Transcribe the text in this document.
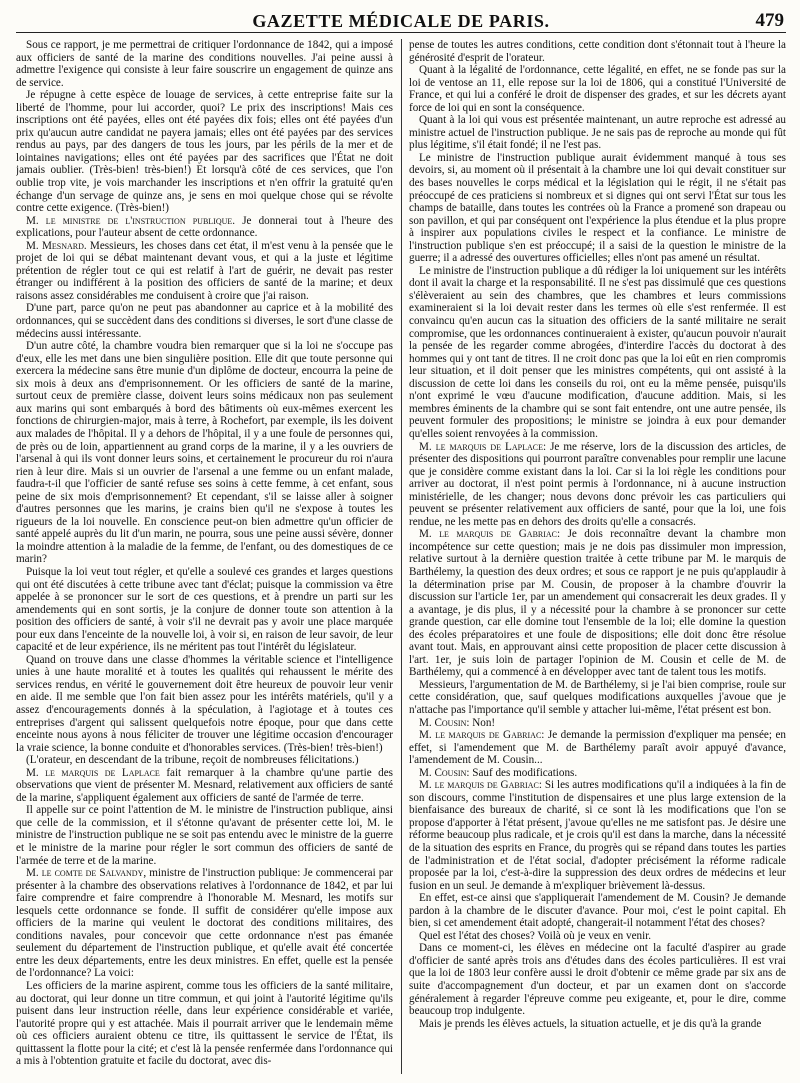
GAZETTE MÉDICALE DE PARIS.	479

Sous ce rapport, je me permettrai de critiquer l'ordonnance de 1842, qui a imposé aux officiers de santé de la marine des conditions nouvelles. J'ai peine aussi à admettre l'exigence qui consiste à leur faire souscrire un engagement de quinze ans de service.

Je répugne à cette espèce de louage de services, à cette entreprise faite sur la liberté de l'homme, pour lui accorder, quoi? Le prix des inscriptions! Mais ces inscriptions ont été payées, elles ont été payées dix fois; elles ont été payées d'un prix qu'aucun autre candidat ne payera jamais; elles ont été payées par des services rendus au pays, par des dangers de tous les jours, par les périls de la mer et de lointaines navigations; elles ont été payées par des sacrifices que l'État ne doit jamais oublier. (Très-bien! très-bien!) Et lorsqu'à côté de ces services, que l'on oublie trop vite, je vois marchander les inscriptions et n'en offrir la gratuité qu'en échange d'un servage de quinze ans, je sens en moi quelque chose qui se révolte contre cette exigence. (Très-bien!)

M. le ministre de l'instruction publique. Je donnerai tout à l'heure des explications, pour l'auteur absent de cette ordonnance.

M. Mesnard. Messieurs, les choses dans cet état, il m'est venu à la pensée que le projet de loi qui se débat maintenant devant vous, et qui a la juste et légitime prétention de régler tout ce qui est relatif à l'art de guérir, ne devait pas rester étranger ou indifférent à la position des officiers de santé de la marine; et deux raisons assez considérables me conduisent à croire que j'ai raison.

D'une part, parce qu'on ne peut pas abandonner au caprice et à la mobilité des ordonnances, qui se succèdent dans des conditions si diverses, le sort d'une classe de médecins aussi intéressante.

D'un autre côté, la chambre voudra bien remarquer que si la loi ne s'occupe pas d'eux, elle les met dans une bien singulière position. Elle dit que toute personne qui exercera la médecine sans être munie d'un diplôme de docteur, encourra la peine de six mois à deux ans d'emprisonnement. Or les officiers de santé de la marine, surtout ceux de première classe, doivent leurs soins médicaux non pas seulement aux marins qui sont embarqués à bord des bâtiments où eux-mêmes exercent les fonctions de chirurgien-major, mais à terre, à Rochefort, par exemple, ils les doivent aux malades de l'hôpital. Il y a dehors de l'hôpital, il y a une foule de personnes qui, de près ou de loin, appartiennent au grand corps de la marine, il y a les ouvriers de l'arsenal à qui ils vont donner leurs soins, et certainement le procureur du roi n'aura rien à leur dire. Mais si un ouvrier de l'arsenal a une femme ou un enfant malade, faudra-t-il que l'officier de santé refuse ses soins à cette femme, à cet enfant, sous peine de six mois d'emprisonnement? Et cependant, s'il se laisse aller à soigner d'autres personnes que les marins, je crains bien qu'il ne s'expose à toutes les rigueurs de la loi nouvelle. En conscience peut-on bien admettre qu'un officier de santé appelé auprès du lit d'un marin, ne pourra, sous une peine aussi sévère, donner la moindre attention à la maladie de la femme, de l'enfant, ou des domestiques de ce marin?

Puisque la loi veut tout régler, et qu'elle a soulevé ces grandes et larges questions qui ont été discutées à cette tribune avec tant d'éclat; puisque la commission va être appelée à se prononcer sur le sort de ces questions, et à prendre un parti sur les amendements qui en sont sortis, je la conjure de donner toute son attention à la position des officiers de santé, à voir s'il ne devrait pas y avoir une place marquée pour eux dans l'enceinte de la nouvelle loi, à voir si, en raison de leur savoir, de leur capacité et de leur expérience, ils ne méritent pas tout l'intérêt du législateur.

Quand on trouve dans une classe d'hommes la véritable science et l'intelligence unies à une haute moralité et à toutes les qualités qui rehaussent le mérite des services rendus, en vérité le gouvernement doit être heureux de pouvoir leur venir en aide. Il me semble que l'on fait bien assez pour les intérêts matériels, qu'il y a assez d'encouragements donnés à la spéculation, à l'agiotage et à toutes ces entreprises d'argent qui salissent quelquefois notre époque, pour que dans cette enceinte nous ayons à nous féliciter de trouver une légitime occasion d'encourager la vraie science, la bonne conduite et d'honorables services. (Très-bien! très-bien!)

(L'orateur, en descendant de la tribune, reçoit de nombreuses félicitations.)

M. le marquis de Laplace fait remarquer à la chambre qu'une partie des observations que vient de présenter M. Mesnard, relativement aux officiers de santé de la marine, s'appliquent également aux officiers de santé de l'armée de terre.

Il appelle sur ce point l'attention de M. le ministre de l'instruction publique, ainsi que celle de la commission, et il s'étonne qu'avant de présenter cette loi, M. le ministre de l'instruction publique ne se soit pas entendu avec le ministre de la guerre et le ministre de la marine pour régler le sort commun des officiers de santé de l'armée de terre et de la marine.

M. le comte de Salvandy, ministre de l'instruction publique: Je commencerai par présenter à la chambre des observations relatives à l'ordonnance de 1842, et par lui faire comprendre et faire comprendre à l'honorable M. Mesnard, les motifs sur lesquels cette ordonnance se fonde. Il suffit de considérer qu'elle impose aux officiers de la marine qui veulent le doctorat des conditions militaires, des conditions navales, pour concevoir que cette ordonnance n'est pas émanée seulement du département de l'instruction publique, et qu'elle avait été concertée entre les deux départements, entre les deux ministres. En effet, quelle est la pensée de l'ordonnance? La voici:

Les officiers de la marine aspirent, comme tous les officiers de la santé militaire, au doctorat, qui leur donne un titre commun, et qui joint à l'autorité légitime qu'ils puisent dans leur instruction réelle, dans leur expérience considérable et variée, l'autorité propre qui y est attachée. Mais il pourrait arriver que le lendemain même où ces officiers auraient obtenu ce titre, ils quittassent le service de l'État, ils quittassent la flotte pour la cité; et c'est là la pensée renfermée dans l'ordonnance qui a mis à l'obtention gratuite et facile du doctorat, avec dis-

pense de toutes les autres conditions, cette condition dont s'étonnait tout à l'heure la générosité d'esprit de l'orateur.

Quant à la légalité de l'ordonnance, cette légalité, en effet, ne se fonde pas sur la loi de ventose an 11, elle repose sur la loi de 1806, qui a constitué l'Université de France, et qui lui a conféré le droit de dispenser des grades, et sur les décrets ayant force de loi qui en sont la conséquence.

Quant à la loi qui vous est présentée maintenant, un autre reproche est adressé au ministre actuel de l'instruction publique. Je ne sais pas de reproche au monde qui fût plus légitime, s'il était fondé; il ne l'est pas.

Le ministre de l'instruction publique aurait évidemment manqué à tous ses devoirs, si, au moment où il présentait à la chambre une loi qui devait constituer sur des bases nouvelles le corps médical et la législation qui le régit, il ne s'était pas préoccupé de ces praticiens si nombreux et si dignes qui ont servi l'État sur tous les champs de bataille, dans toutes les contrées où la France a promené son drapeau ou son pavillon, et qui par conséquent ont l'expérience la plus étendue et la plus propre à inspirer aux populations civiles le respect et la confiance. Le ministre de l'instruction publique s'en est préoccupé; il a saisi de la question le ministre de la guerre; il a adressé des ouvertures officielles; elles n'ont pas amené un résultat.

Le ministre de l'instruction publique a dû rédiger la loi uniquement sur les intérêts dont il avait la charge et la responsabilité. Il ne s'est pas dissimulé que ces questions s'élèveraient au sein des chambres, que les chambres et leurs commissions examineraient si la loi devait rester dans les termes où elle s'est renfermée. Il est convaincu qu'en aucun cas la situation des officiers de la santé militaire ne serait compromise, que les ordonnances continueraient à exister, qu'aucun pouvoir n'aurait la pensée de les regarder comme abrogées, d'interdire l'accès du doctorat à des hommes qui y ont tant de titres. Il ne croit donc pas que la loi eût en rien compromis leur situation, et il doit penser que les ministres compétents, qui ont assisté à la discussion de cette loi dans les conseils du roi, ont eu la même pensée, puisqu'ils n'ont exprimé le vœu d'aucune modification, d'aucune addition. Mais, si les membres éminents de la chambre qui se sont fait entendre, ont une autre pensée, ils peuvent formuler des propositions; le ministre se joindra à eux pour demander qu'elles soient renvoyées à la commission.

M. le marquis de Laplace: Je me réserve, lors de la discussion des articles, de présenter des dispositions qui pourront paraître convenables pour remplir une lacune que je considère comme existant dans la loi. Car si la loi règle les conditions pour arriver au doctorat, il n'est point permis à l'ordonnance, ni à aucune instruction ministérielle, de les changer; nous devons donc prévoir les cas particuliers qui peuvent se présenter relativement aux officiers de santé, pour que la loi, une fois rendue, ne les mette pas en dehors des droits qu'elle a consacrés.

M. le marquis de Gabriac: Je dois reconnaître devant la chambre mon incompétence sur cette question; mais je ne dois pas dissimuler mon impression, relative surtout à la dernière question traitée à cette tribune par M. le marquis de Barthélemy, la question des deux ordres; et sous ce rapport je ne puis qu'applaudir à la détermination prise par M. Cousin, de proposer à la chambre d'ouvrir la discussion sur l'article 1er, par un amendement qui consacrerait les deux grades. Il y a avantage, je dis plus, il y a nécessité pour la chambre à se prononcer sur cette grande question, car elle domine tout l'ensemble de la loi; elle domine la question des écoles préparatoires et une foule de dispositions; elle doit donc être résolue avant tout. Mais, en approuvant ainsi cette proposition de placer cette discussion à l'art. 1er, je suis loin de partager l'opinion de M. Cousin et celle de M. de Barthélemy, qui a commencé à en développer avec tant de talent tous les motifs.

Messieurs, l'argumentation de M. de Barthélemy, si je l'ai bien comprise, roule sur cette considération, que, sauf quelques modifications auxquelles j'avoue que je n'attache pas l'importance qu'il semble y attacher lui-même, l'état présent est bon.

M. Cousin: Non!

M. le marquis de Gabriac: Je demande la permission d'expliquer ma pensée; en effet, si l'amendement que M. de Barthélemy paraît avoir appuyé d'avance, l'amendement de M. Cousin...

M. Cousin: Sauf des modifications.

M. le marquis de Gabriac: Si les autres modifications qu'il a indiquées à la fin de son discours, comme l'institution de dispensaires et une plus large extension de la bienfaisance des bureaux de charité, si ce sont là les modifications que l'on se propose d'apporter à l'état présent, j'avoue qu'elles ne me satisfont pas. Je désire une réforme beaucoup plus radicale, et je crois qu'il est dans la marche, dans la nécessité de la situation des esprits en France, du progrès qui se répand dans toutes les parties de l'administration et de l'état social, d'adopter précisément la réforme radicale proposée par la loi, c'est-à-dire la suppression des deux ordres de médecins et leur fusion en un seul. Je demande à m'expliquer brièvement là-dessus.

En effet, est-ce ainsi que s'appliquerait l'amendement de M. Cousin? Je demande pardon à la chambre de le discuter d'avance. Pour moi, c'est le point capital. Eh bien, si cet amendement était adopté, changerait-il notamment l'état des choses?

Quel est l'état des choses? Voilà où je veux en venir.

Dans ce moment-ci, les élèves en médecine ont la faculté d'aspirer au grade d'officier de santé après trois ans d'études dans des écoles particulières. Il est vrai que la loi de 1803 leur confère aussi le droit d'obtenir ce même grade par six ans de suite d'accompagnement d'un docteur, et par un examen dont on s'accorde généralement à regarder l'épreuve comme peu exigeante, et, pour le dire, comme beaucoup trop indulgente.

Mais je prends les élèves actuels, la situation actuelle, et je dis qu'à la grande
